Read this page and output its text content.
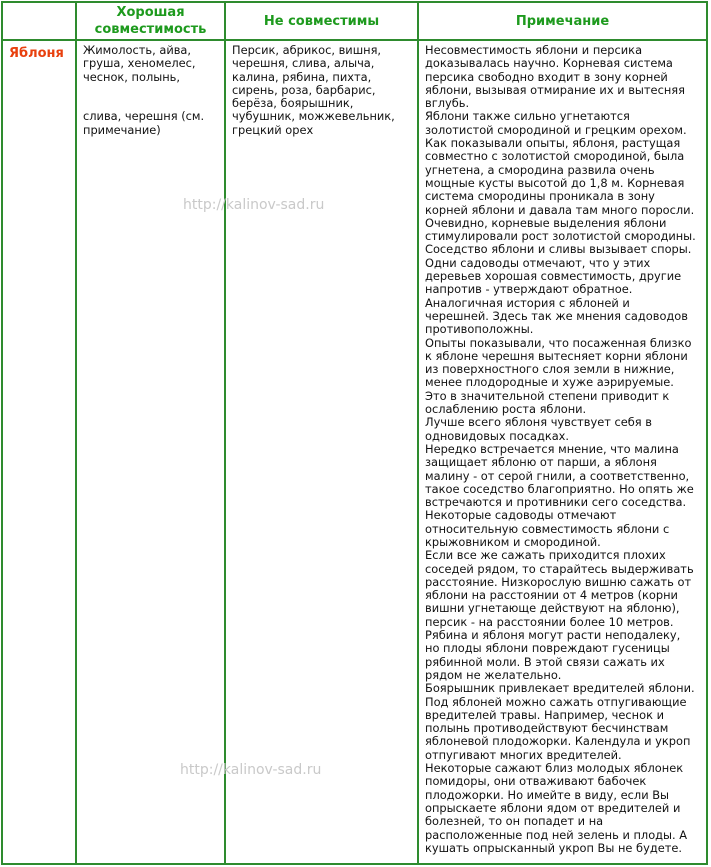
Хорошая совместимость
Не совместимы	Примечание
Яблоня Жимолость, айва,
груша, хеномелес,
чеснок, полынь,

слива, черешня (см.
примечание)
Персик, абрикос, вишня,
черешня, слива, алыча,
калина, рябина, пихта,
сирень, роза, барбарис,
берёза, боярышник,
чубушник, можжевельник,
грецкий орех
Несовместимость яблони и персика
доказывалась научно. Корневая система
персика свободно входит в зону корней
яблони, вызывая отмирание их и вытесняя
вглубь.
Яблони также сильно угнетаются
золотистой смородиной и грецким орехом.
Как показывали опыты, яблоня, растущая
совместно с золотистой смородиной, была
угнетена, а смородина развила очень
мощные кусты высотой до 1,8 м. Корневая
система смородины проникала в зону
корней яблони и давала там много поросли.
Очевидно, корневые выделения яблони
стимулировали рост золотистой смородины.
Соседство яблони и сливы вызывает споры.
Одни садоводы отмечают, что у этих
деревьев хорошая совместимость, другие
напротив - утверждают обратное.
Аналогичная история с яблоней и
черешней. Здесь так же мнения садоводов
противоположны.
Опыты показывали, что посаженная близко
к яблоне черешня вытесняет корни яблони
из поверхностного слоя земли в нижние,
менее плодородные и хуже аэрируемые.
Это в значительной степени приводит к
ослаблению роста яблони.
Лучше всего яблоня чувствует себя в
одновидовых посадках.
Нередко встречается мнение, что малина
защищает яблоню от парши, а яблоня
малину - от серой гнили, а соответственно,
такое соседство благоприятно. Но опять же
встречаются и противники сего соседства.
Некоторые садоводы отмечают
относительную совместимость яблони с
крыжовником и смородиной.
Если все же сажать приходится плохих
соседей рядом, то старайтесь выдерживать
расстояние. Низкорослую вишню сажать от
яблони на расстоянии от 4 метров (корни
вишни угнетающе действуют на яблоню),
персик - на расстоянии более 10 метров.
Рябина и яблоня могут расти неподалеку,
но плоды яблони повреждают гусеницы
рябинной моли. В этой связи сажать их
рядом не желательно.
Боярышник привлекает вредителей яблони.
Под яблоней можно сажать отпугивающие
вредителей травы. Например, чеснок и
полынь противодействуют бесчинствам
яблоневой плодожорки. Календула и укроп
отпугивают многих вредителей.
Некоторые сажают близ молодых яблонек
помидоры, они отваживают бабочек
плодожорки. Но имейте в виду, если Вы
опрыскаете яблони ядом от вредителей и
болезней, то он попадет и на
расположенные под ней зелень и плоды. А
кушать опрысканный укроп Вы не будете.
http://kalinov-sad.ru
http://kalinov-sad.ru
